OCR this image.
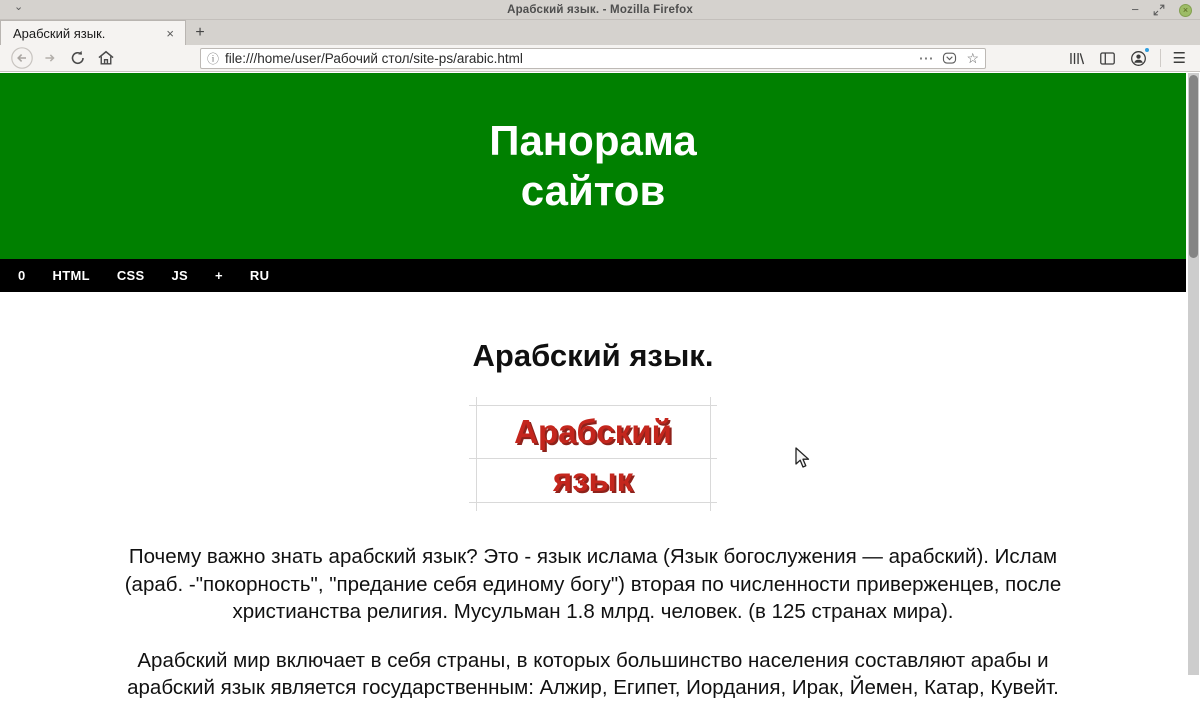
⌄	Арабский язык. - Mozilla Firefox	−	×
Арабский язык.	×	+
ⓘ file:///home/user/Рабочий стол/site-ps/arabic.html	⋯ ☆	☰
Панорама
сайтов
0 HTML CSS JS + RU
Арабский язык.
Арабский
язык

Почему важно знать арабский язык? Это - язык ислама (Язык богослужения — арабский). Ислам
(араб. -"покорность", "предание себя единому богу") вторая по численности приверженцев, после
христианства религия. Мусульман 1.8 млрд. человек. (в 125 странах мира).

Арабский мир включает в себя страны, в которых большинство населения составляют арабы и
арабский язык является государственным: Алжир, Египет, Иордания, Ирак, Йемен, Катар, Кувейт.
